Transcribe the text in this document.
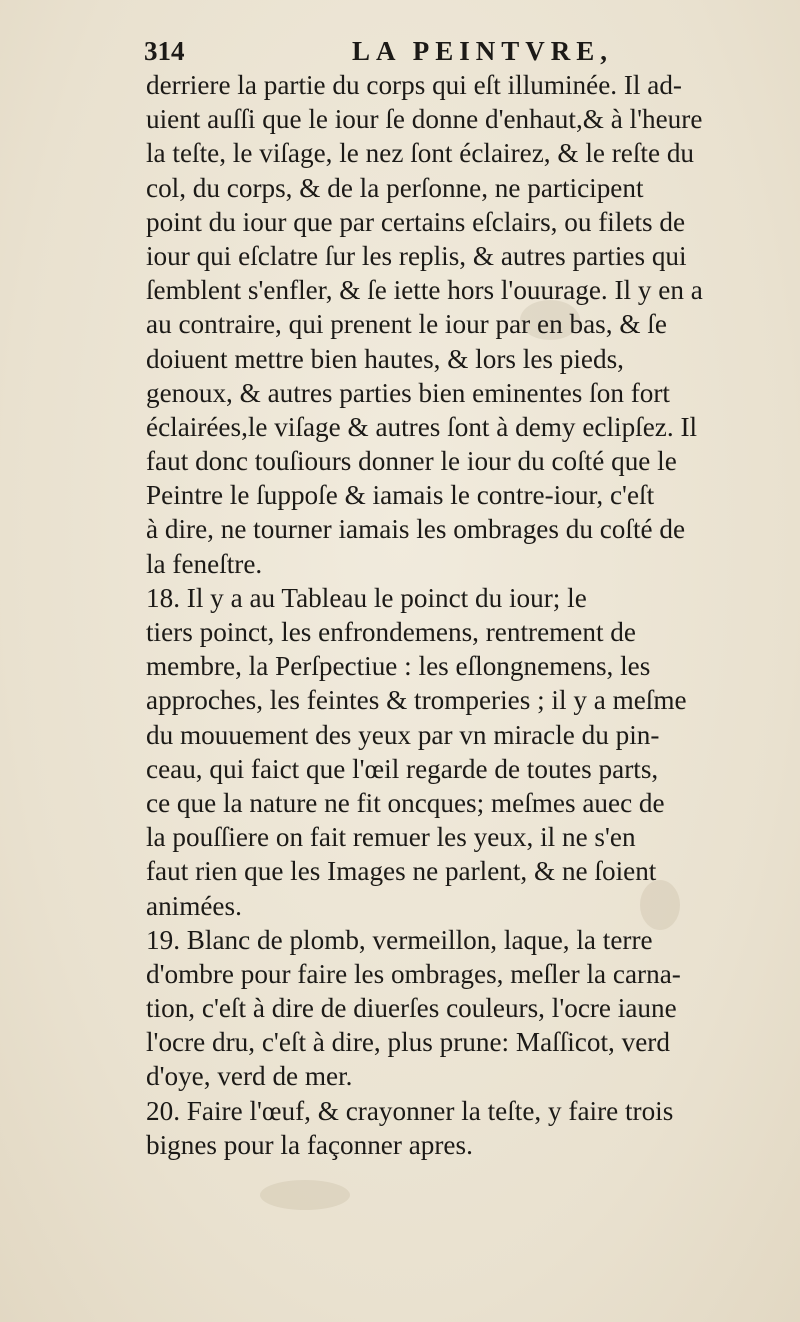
314	LA PEINTVRE,
derriere la partie du corps qui eſt illuminée. Il ad-
uient auſſi que le iour ſe donne d'enhaut,& à l'heure
la teſte, le viſage, le nez ſont éclairez, & le reſte du
col, du corps, & de la perſonne, ne participent
point du iour que par certains eſclairs, ou filets de
iour qui eſclatre ſur les replis, & autres parties qui
ſemblent s'enfler, & ſe iette hors l'ouurage. Il y en a
au contraire, qui prenent le iour par en bas, & ſe
doiuent mettre bien hautes, & lors les pieds,
genoux, & autres parties bien eminentes ſon fort
éclairées,le viſage & autres ſont à demy eclipſez. Il
faut donc touſiours donner le iour du coſté que le
Peintre le ſuppoſe & iamais le contre-iour, c'eſt
à dire, ne tourner iamais les ombrages du coſté de
la feneſtre.
18. Il y a au Tableau le poinct du iour; le
tiers poinct, les enfrondemens, rentrement de
membre, la Perſpectiue : les eſlongnemens, les
approches, les feintes & tromperies ; il y a meſme
du mouuement des yeux par vn miracle du pin-
ceau, qui faict que l'œil regarde de toutes parts,
ce que la nature ne fit oncques; meſmes auec de
la pouſſiere on fait remuer les yeux, il ne s'en
faut rien que les Images ne parlent, & ne ſoient
animées.
19. Blanc de plomb, vermeillon, laque, la terre
d'ombre pour faire les ombrages, meſler la carna-
tion, c'eſt à dire de diuerſes couleurs, l'ocre iaune
l'ocre dru, c'eſt à dire, plus prune: Maſſicot, verd
d'oye, verd de mer.
20. Faire l'œuf, & crayonner la teſte, y faire trois
bignes pour la façonner apres.
